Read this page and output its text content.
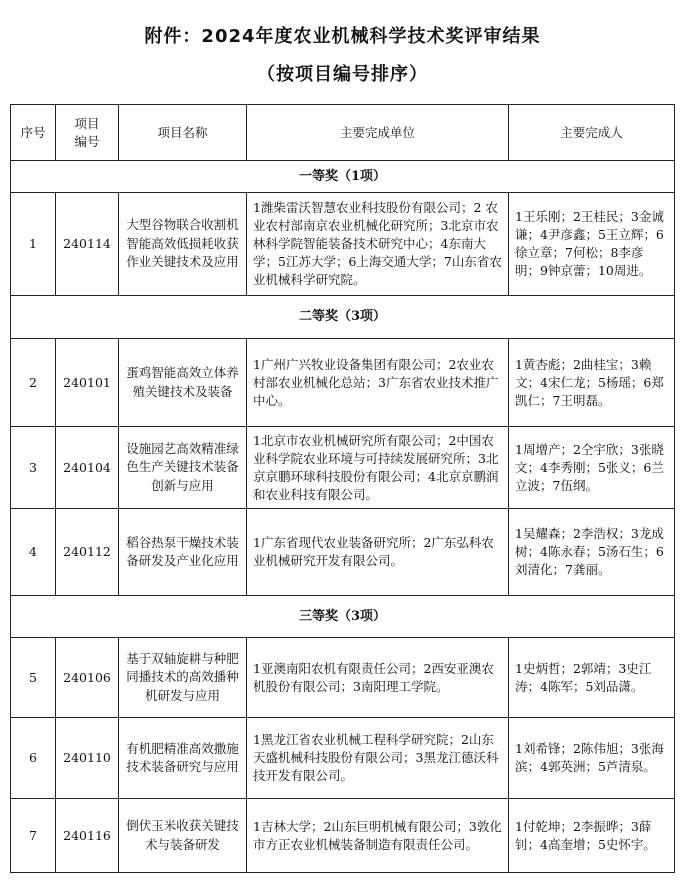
附件：2024年度农业机械科学技术奖评审结果
（按项目编号排序）
序号	项目编号	项目名称	主要完成单位	主要完成人
一等奖（1项）				
1	240114	大型谷物联合收割机智能高效低损耗收获作业关键技术及应用	1潍柴雷沃智慧农业科技股份有限公司；2 农业农村部南京农业机械化研究所；3北京市农林科学院智能装备技术研究中心；4东南大学；5江苏大学；6上海交通大学；7山东省农业机械科学研究院。	1王乐刚；2王桂民；3金诚谦；4尹彦鑫；5王立辉；6徐立章；7何松；8李彦明；9钟京蕾；10周进。
二等奖（3项）				
2	240101	蛋鸡智能高效立体养殖关键技术及装备	1广州广兴牧业设备集团有限公司；2农业农村部农业机械化总站；3广东省农业技术推广中心。	1黄杏彪；2曲桂宝；3赖文；4宋仁龙；5杨瑶；6郑凯仁；7王明磊。
3	240104	设施园艺高效精准绿色生产关键技术装备创新与应用	1北京市农业机械研究所有限公司；2中国农业科学院农业环境与可持续发展研究所；3北京京鹏环球科技股份有限公司；4北京京鹏润和农业科技有限公司。	1周增产；2仝宇欣；3张晓文；4李秀刚；5张义；6兰立波；7伍纲。
4	240112	稻谷热泵干燥技术装备研发及产业化应用	1广东省现代农业装备研究所；2广东弘科农业机械研究开发有限公司。	1吴耀森；2李浩权；3龙成树；4陈永春；5汤石生；6刘清化；7龚丽。
三等奖（3项）				
5	240106	基于双轴旋耕与种肥同播技术的高效播种机研发与应用	1亚澳南阳农机有限责任公司；2西安亚澳农机股份有限公司；3南阳理工学院。	1史炳哲；2郭靖；3史江涛；4陈军；5刘品潇。
6	240110	有机肥精准高效撒施技术装备研究与应用	1黑龙江省农业机械工程科学研究院；2山东天盛机械科技股份有限公司；3黑龙江德沃科技开发有限公司。	1刘希锋；2陈伟旭；3张海滨；4郭英洲；5芦清泉。
7	240116	倒伏玉米收获关键技术与装备研发	1吉林大学；2山东巨明机械有限公司；3敦化市方正农业机械装备制造有限责任公司。	1付乾坤；2李振晔；3薛钊；4高奎增；5史怀宇。
